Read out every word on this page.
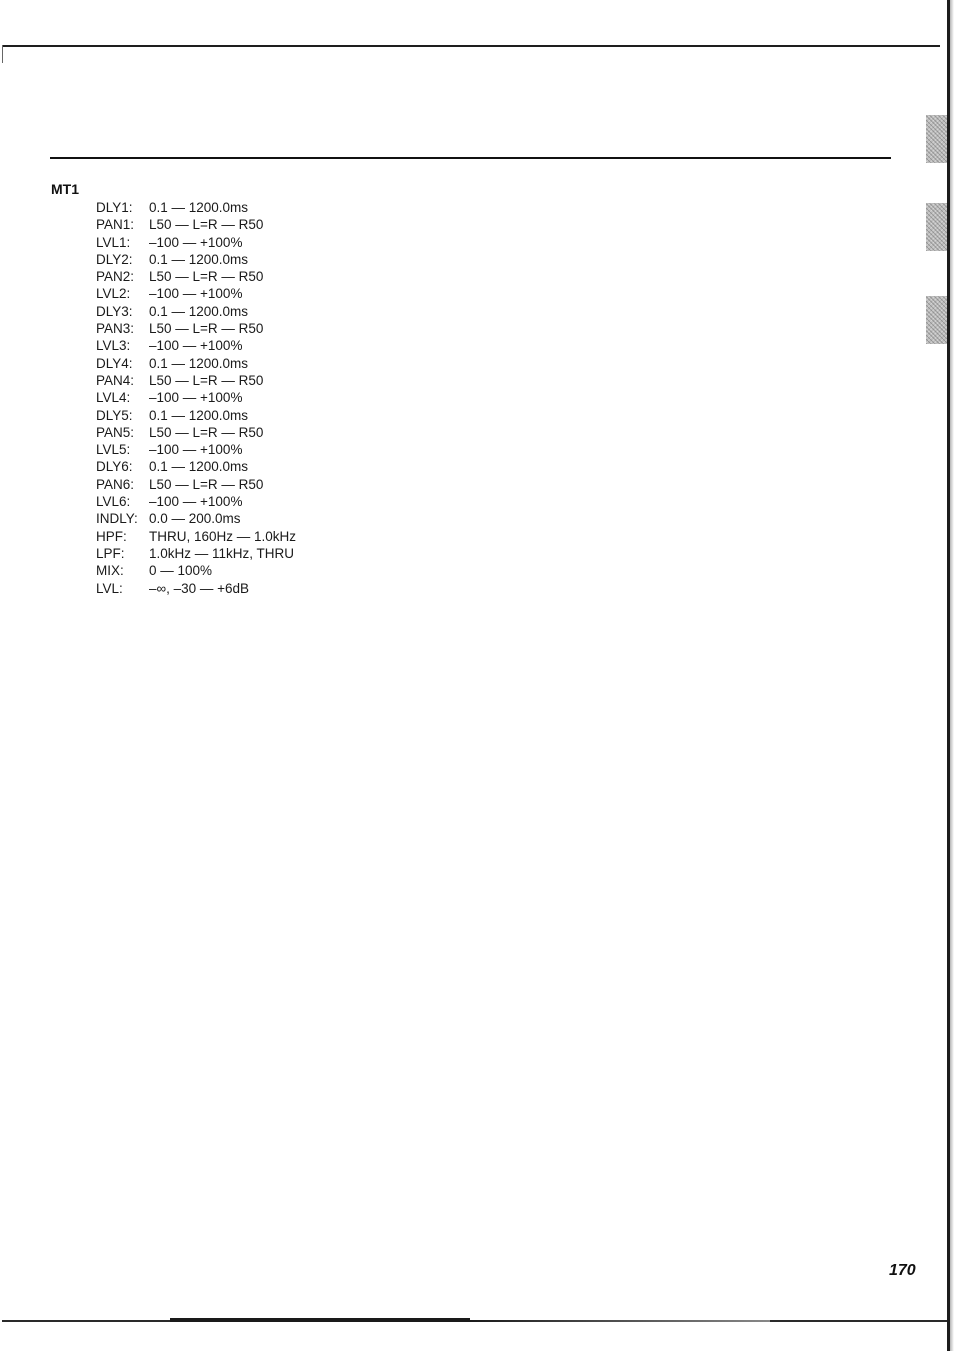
MT1
DLY1:	0.1 — 1200.0ms
PAN1:	L50 — L=R — R50
LVL1:	–100 — +100%
DLY2:	0.1 — 1200.0ms
PAN2:	L50 — L=R — R50
LVL2:	–100 — +100%
DLY3:	0.1 — 1200.0ms
PAN3:	L50 — L=R — R50
LVL3:	–100 — +100%
DLY4:	0.1 — 1200.0ms
PAN4:	L50 — L=R — R50
LVL4:	–100 — +100%
DLY5:	0.1 — 1200.0ms
PAN5:	L50 — L=R — R50
LVL5:	–100 — +100%
DLY6:	0.1 — 1200.0ms
PAN6:	L50 — L=R — R50
LVL6:	–100 — +100%
INDLY: 0.0 — 200.0ms
HPF:	THRU, 160Hz — 1.0kHz
LPF:	1.0kHz — 11kHz, THRU
MIX:	0 — 100%
LVL:	–∞, –30 — +6dB
170
